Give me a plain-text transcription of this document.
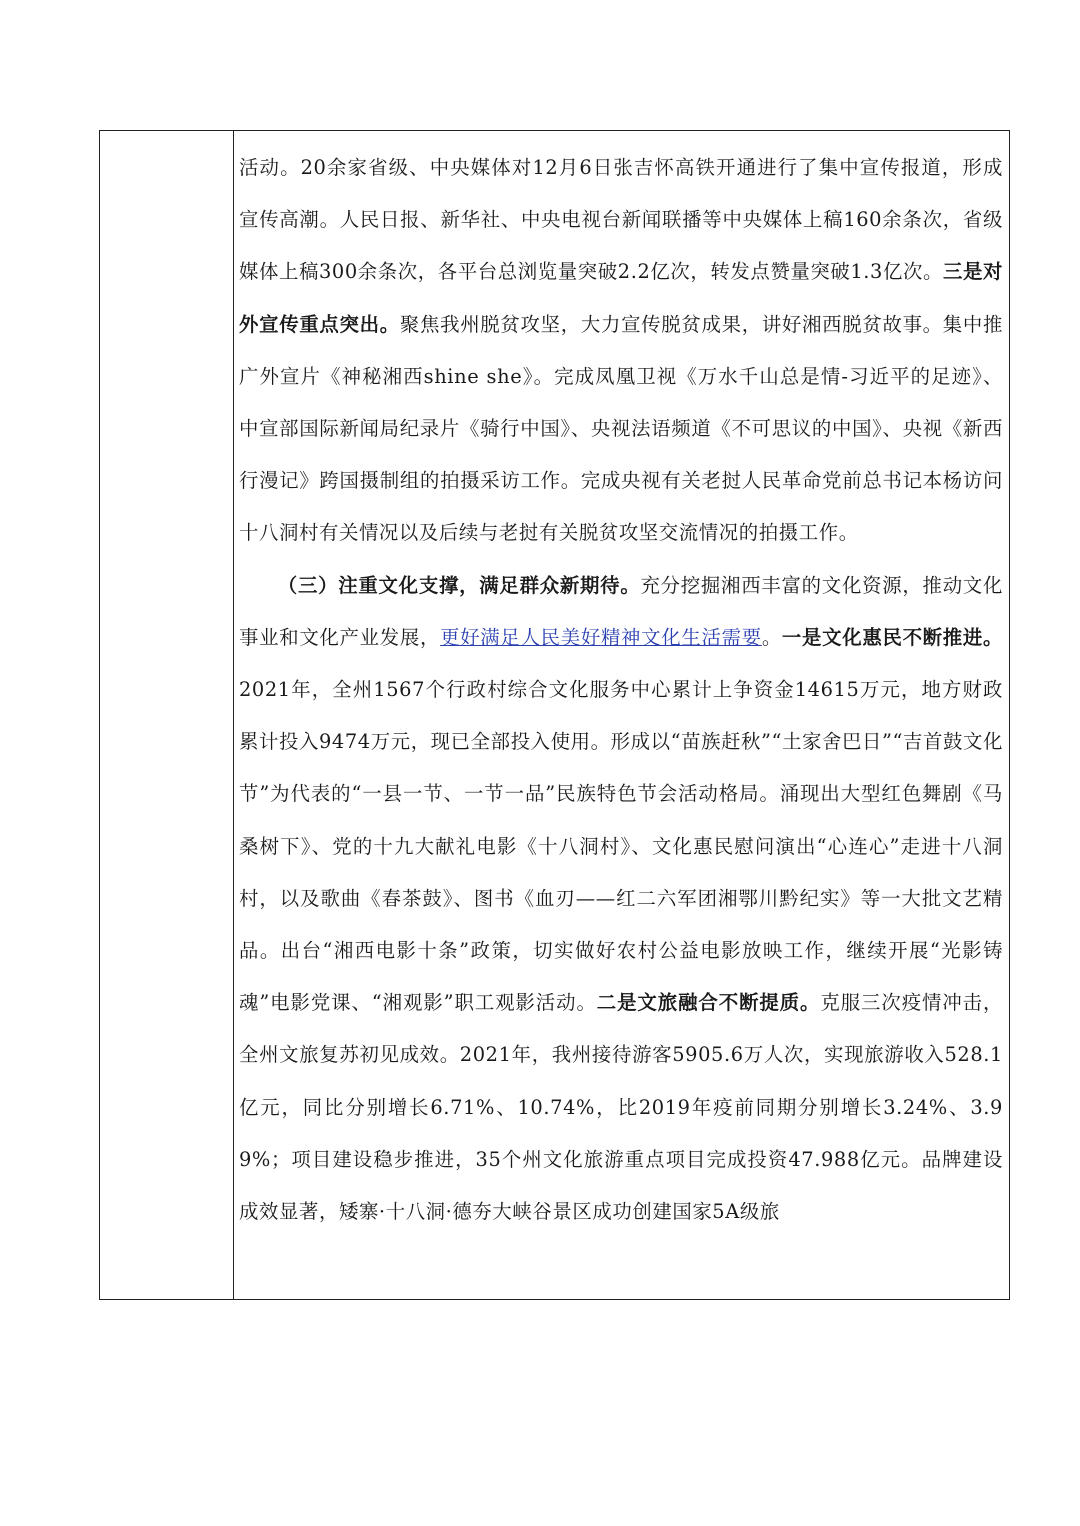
活动。20余家省级、中央媒体对12月6日张吉怀高铁开通进行了集中宣传报道，形成宣传高潮。人民日报、新华社、中央电视台新闻联播等中央媒体上稿160余条次，省级媒体上稿300余条次，各平台总浏览量突破2.2亿次，转发点赞量突破1.3亿次。三是对外宣传重点突出。聚焦我州脱贫攻坚，大力宣传脱贫成果，讲好湘西脱贫故事。集中推广外宣片《神秘湘西shine she》。完成凤凰卫视《万水千山总是情-习近平的足迹》、中宣部国际新闻局纪录片《骑行中国》、央视法语频道《不可思议的中国》、央视《新西行漫记》跨国摄制组的拍摄采访工作。完成央视有关老挝人民革命党前总书记本杨访问十八洞村有关情况以及后续与老挝有关脱贫攻坚交流情况的拍摄工作。

（三）注重文化支撑，满足群众新期待。充分挖掘湘西丰富的文化资源，推动文化事业和文化产业发展，更好满足人民美好精神文化生活需要。一是文化惠民不断推进。2021年，全州1567个行政村综合文化服务中心累计上争资金14615万元，地方财政累计投入9474万元，现已全部投入使用。形成以“苗族赶秋”“土家舍巴日”“吉首鼓文化节”为代表的“一县一节、一节一品”民族特色节会活动格局。涌现出大型红色舞剧《马桑树下》、党的十九大献礼电影《十八洞村》、文化惠民慰问演出“心连心”走进十八洞村，以及歌曲《春茶鼓》、图书《血刃——红二六军团湘鄂川黔纪实》等一大批文艺精品。出台“湘西电影十条”政策，切实做好农村公益电影放映工作，继续开展“光影铸魂”电影党课、“湘观影”职工观影活动。二是文旅融合不断提质。克服三次疫情冲击，全州文旅复苏初见成效。2021年，我州接待游客5905.6万人次，实现旅游收入528.1亿元，同比分别增长6.71%、10.74%，比2019年疫前同期分别增长3.24%、3.99%；项目建设稳步推进，35个州文化旅游重点项目完成投资47.988亿元。品牌建设成效显著，矮寨·十八洞·德夯大峡谷景区成功创建国家5A级旅
